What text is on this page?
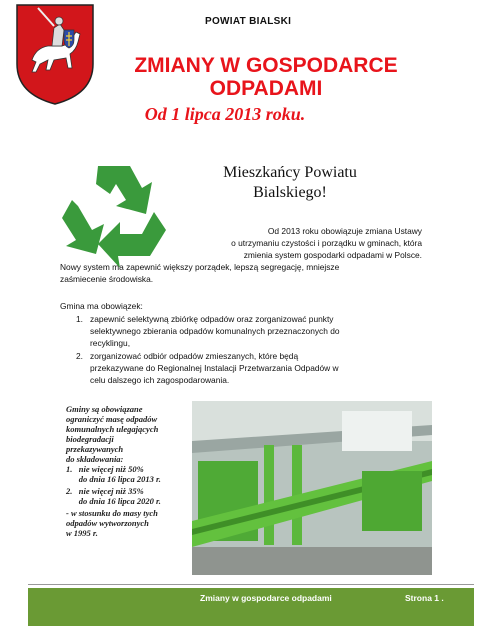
POWIAT BIALSKI
ZMIANY W GOSPODARCE
ODPADAMI
Od 1 lipca 2013 roku.
Mieszkańcy Powiatu
Bialskiego!
Od 2013 roku obowiązuje zmiana Ustawy
o utrzymaniu czystości i porządku w gminach, która
zmienia system gospodarki odpadami w Polsce.
Nowy system ma zapewnić większy porządek, lepszą segregację, mniejsze
zaśmiecenie środowiska.
Gmina ma obowiązek:
1. zapewnić selektywną zbiórkę odpadów oraz zorganizować punkty
selektywnego zbierania odpadów komunalnych przeznaczonych do
recyklingu,
2. zorganizować odbiór odpadów zmieszanych, które będą
przekazywane do Regionalnej Instalacji Przetwarzania Odpadów w
celu dalszego ich zagospodarowania.
Gminy są obowiązane
ograniczyć masę odpadów
komunalnych ulegających
biodegradacji
przekazywanych
do składowania:
1.   nie więcej niż 50%
do dnia 16 lipca 2013 r.
2.   nie więcej niż 35%
do dnia 16 lipca 2020 r.
- w stosunku do masy tych
odpadów wytworzonych
w 1995 r.
Zmiany w gospodarce odpadami	Strona 1 .
